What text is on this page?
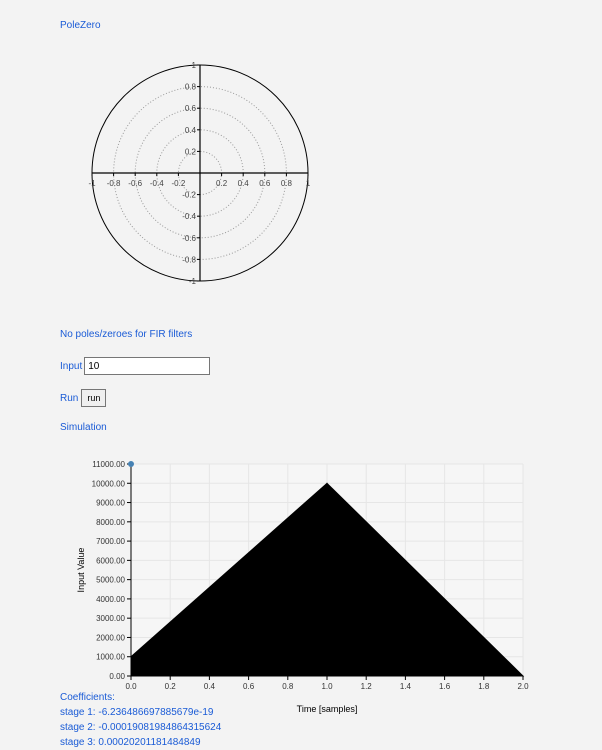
PoleZero
-1 -0.8 -0.6 -0.4 -0.2	0.2 0.4 0.6 0.8 1
1
0.8
0.6
0.4
0.2
-0.2
-0.4
-0.6
-0.8
-1
No poles/zeroes for FIR filters
Input
10
Run	run
Simulation
0.0	0.2	0.4	0.6	0.8	1.0	1.2	1.4	1.6	1.8	2.0
0.00
1000.00
2000.00
3000.00
4000.00
5000.00
6000.00
7000.00
8000.00
9000.00
10000.00
11000.00
Time [samples]
Input Value
Coefficients:
stage 1: -6.236486697885679e-19
stage 2: -0.00019081984864315624
stage 3: 0.00020201181484849
